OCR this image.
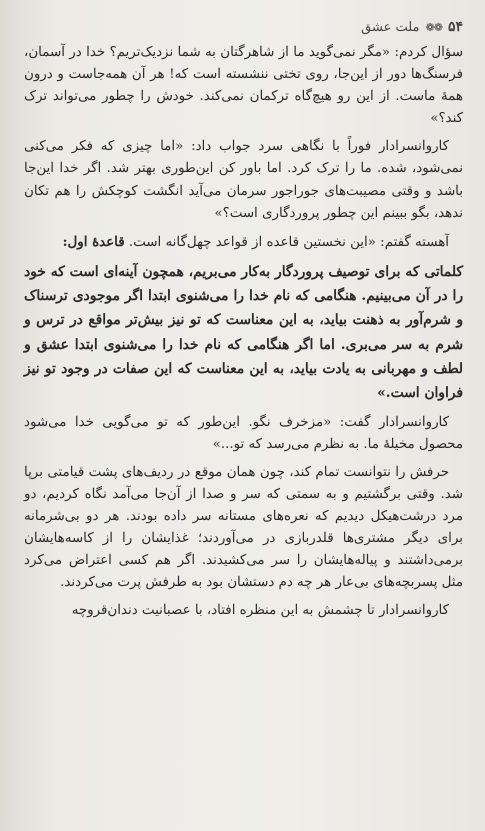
۵۴
❁❁
ملت عشق

سؤال کردم: «مگر نمی‌گوید ما از شاهرگتان به شما نزدیک‌تریم؟ خدا در آسمان، فرسنگ‌ها دور از این‌جا، روی تختی ننشسته است که! هر آن همه‌جاست و درون همهٔ ماست. از این رو هیچ‌گاه ترکمان نمی‌کند. خودش را چطور می‌تواند ترک کند؟»

کاروانسرادار فوراً با نگاهی سرد جواب داد: «اما چیزی که فکر می‌کنی نمی‌شود، شده. ما را ترک کرد. اما باور کن این‌طوری بهتر شد. اگر خدا این‌جا باشد و وقتی مصیبت‌های جوراجور سرمان می‌آید انگشت کوچکش را هم تکان ندهد، بگو ببینم این چطور پروردگاری است؟»

آهسته گفتم: «این نخستین قاعده از قواعد چهل‌گانه است. قاعدهٔ اول:

کلماتی که برای توصیف پروردگار به‌کار می‌بریم، همچون آینه‌ای است که خود را در آن می‌بینیم. هنگامی که نام خدا را می‌شنوی ابتدا اگر موجودی ترسناک و شرم‌آور به ذهنت بیاید، به این معناست که تو نیز بیش‌تر مواقع در ترس و شرم به سر می‌بری. اما اگر هنگامی که نام خدا را می‌شنوی ابتدا عشق و لطف و مهربانی به یادت بیاید، به این معناست که این صفات در وجود تو نیز فراوان است.»

کاروانسرادار گفت: «مزخرف نگو. این‌طور که تو می‌گویی خدا می‌شود محصول مخیلهٔ ما. به نظرم می‌رسد که تو...»

حرفش را نتوانست تمام کند، چون همان موقع در ردیف‌های پشت قیامتی برپا شد. وقتی برگشتیم و به سمتی که سر و صدا از آن‌جا می‌آمد نگاه کردیم، دو مرد درشت‌هیکل دیدیم که نعره‌های مستانه سر داده بودند. هر دو بی‌شرمانه برای دیگر مشتری‌ها قلدربازی در می‌آوردند؛ غذایشان را از کاسه‌هایشان برمی‌داشتند و پیاله‌هایشان را سر می‌کشیدند. اگر هم کسی اعتراض می‌کرد مثل پسربچه‌های بی‌عار هر چه دم دستشان بود به طرفش پرت می‌کردند.

کاروانسرادار تا چشمش به این منظره افتاد، با عصبانیت دندان‌قروچه
